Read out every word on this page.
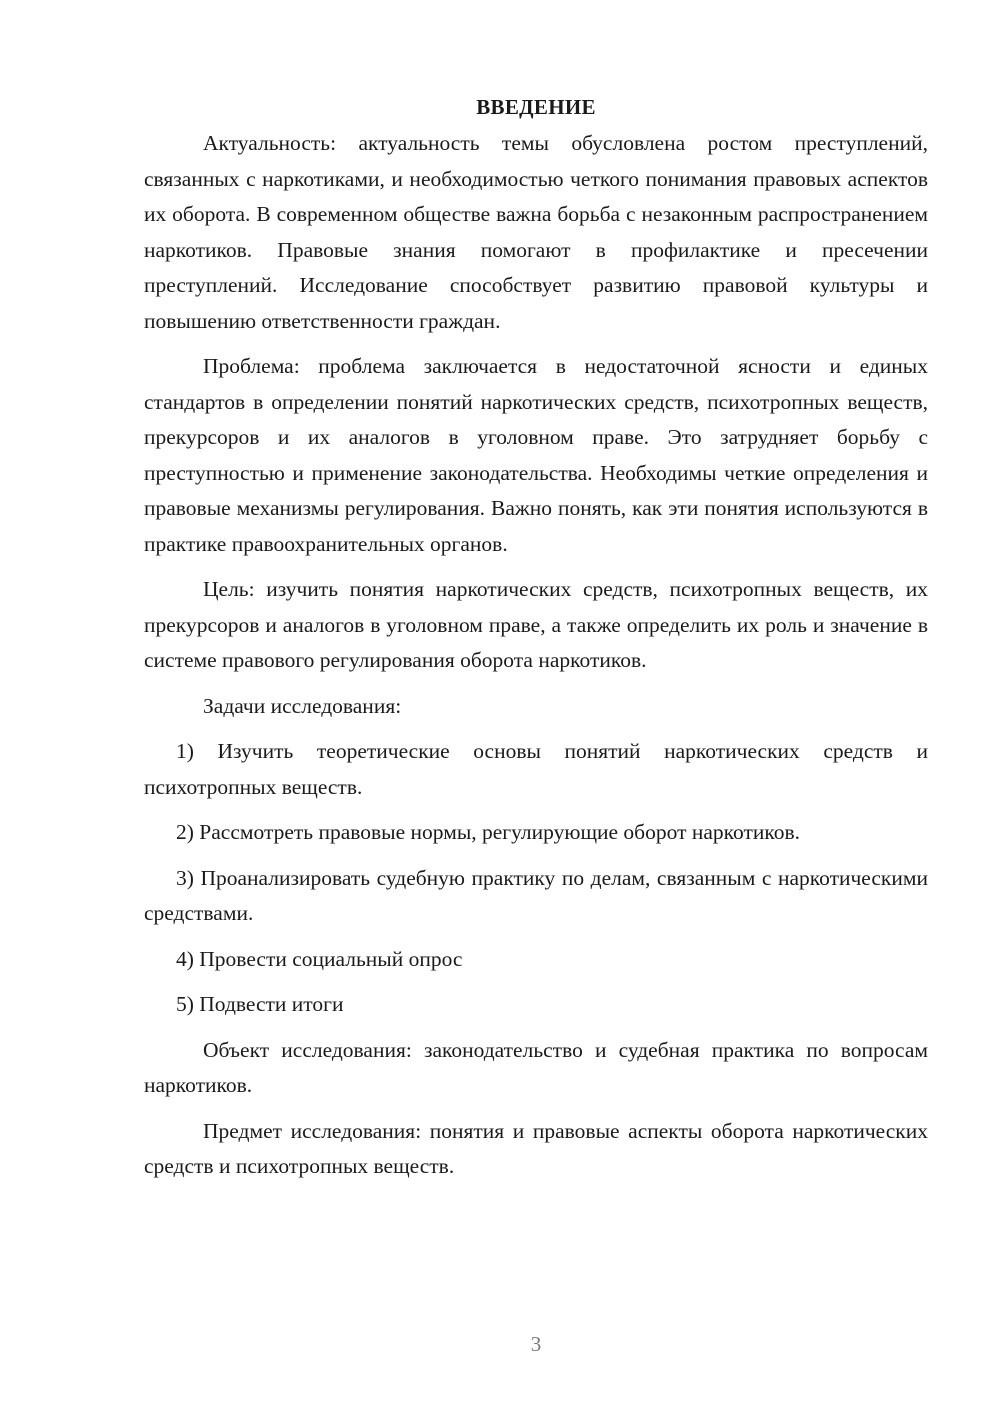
ВВЕДЕНИЕ

Актуальность: актуальность темы обусловлена ростом преступлений, связанных с наркотиками, и необходимостью четкого понимания правовых аспектов их оборота. В современном обществе важна борьба с незаконным распространением наркотиков. Правовые знания помогают в профилактике и пресечении преступлений. Исследование способствует развитию правовой культуры и повышению ответственности граждан.

Проблема: проблема заключается в недостаточной ясности и единых стандартов в определении понятий наркотических средств, психотропных веществ, прекурсоров и их аналогов в уголовном праве. Это затрудняет борьбу с преступностью и применение законодательства. Необходимы четкие определения и правовые механизмы регулирования. Важно понять, как эти понятия используются в практике правоохранительных органов.

Цель: изучить понятия наркотических средств, психотропных веществ, их прекурсоров и аналогов в уголовном праве, а также определить их роль и значение в системе правового регулирования оборота наркотиков.

Задачи исследования:

1) Изучить теоретические основы понятий наркотических средств и психотропных веществ.

2) Рассмотреть правовые нормы, регулирующие оборот наркотиков.

3) Проанализировать судебную практику по делам, связанным с наркотическими средствами.

4) Провести социальный опрос

5) Подвести итоги

Объект исследования: законодательство и судебная практика по вопросам наркотиков.

Предмет исследования: понятия и правовые аспекты оборота наркотических средств и психотропных веществ.

3
